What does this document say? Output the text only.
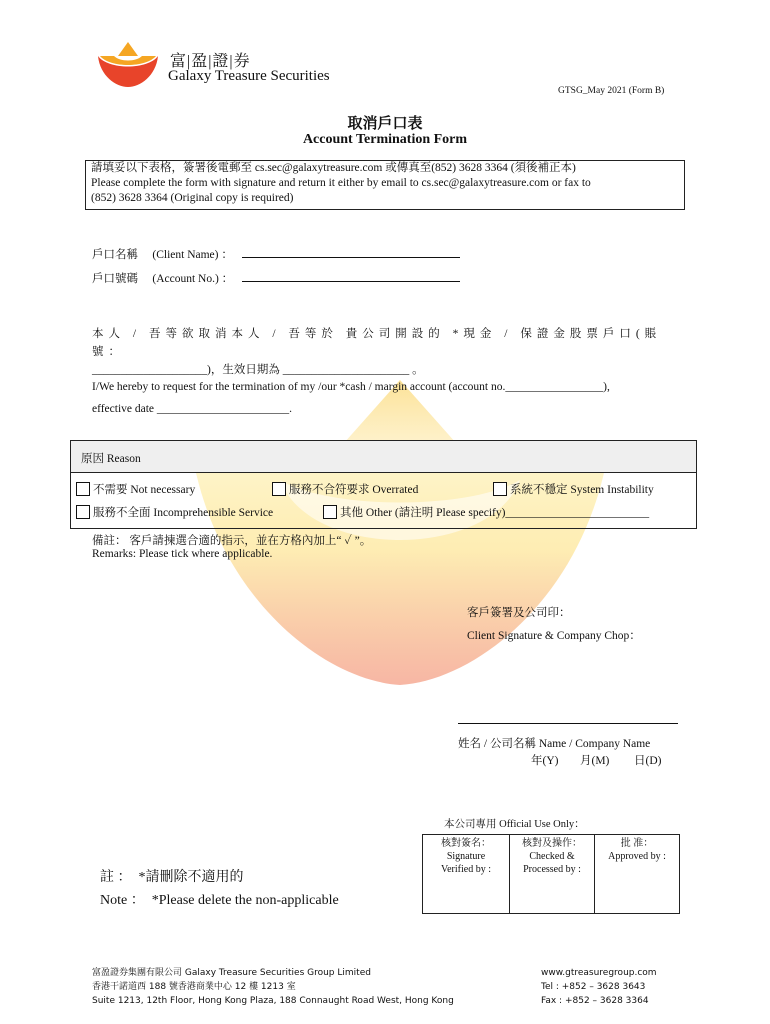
富|盈|證|券
Galaxy Treasure Securities
GTSG_May 2021 (Form B)
取消戶口表
Account Termination Form
請填妥以下表格，簽署後電郵至 cs.sec@galaxytreasure.com 或傳真至(852) 3628 3364 (須後補正本)
Please complete the form with signature and return it either by email to cs.sec@galaxytreasure.com or fax to
(852) 3628 3364 (Original copy is required)
戶口名稱 (Client Name) ：
戶口號碼 (Account No.) ：
本人 / 吾等欲取消本人 / 吾等於 貴公司開設的 *現金 / 保證金股票戶口(賬號：
____________________)，生效日期為 ______________________ 。
I/We hereby to request for the termination of my /our *cash / margin account (account no._________________),
effective date _______________________.
原因 Reason
不需要 Not necessary	服務不合符要求 Overrated	系統不穩定 System Instability
服務不全面 Incomprehensible Service	其他 Other (請注明 Please specify)_________________________
備註： 客戶請揀選合適的指示，並在方格內加上“ ✓ ”。
Remarks: Please tick where applicable.
客戶簽署及公司印：
Client Signature & Company Chop：
姓名 / 公司名稱 Name / Company Name
年(Y) 月(M) 日(D)
本公司專用 Official Use Only：
核對簽名：
Signature
Verified by :

核對及操作：
Checked &
Processed by :

批 准：
Approved by :
註 ： *請刪除不適用的
Note ： *Please delete the non-applicable
富盈證券集團有限公司 Galaxy Treasure Securities Group Limited
香港干諾道西 188 號香港商業中心 12 樓 1213 室
Suite 1213, 12th Floor, Hong Kong Plaza, 188 Connaught Road West, Hong Kong
www.gtreasuregroup.com
Tel : +852 – 3628 3643
Fax : +852 – 3628 3364
